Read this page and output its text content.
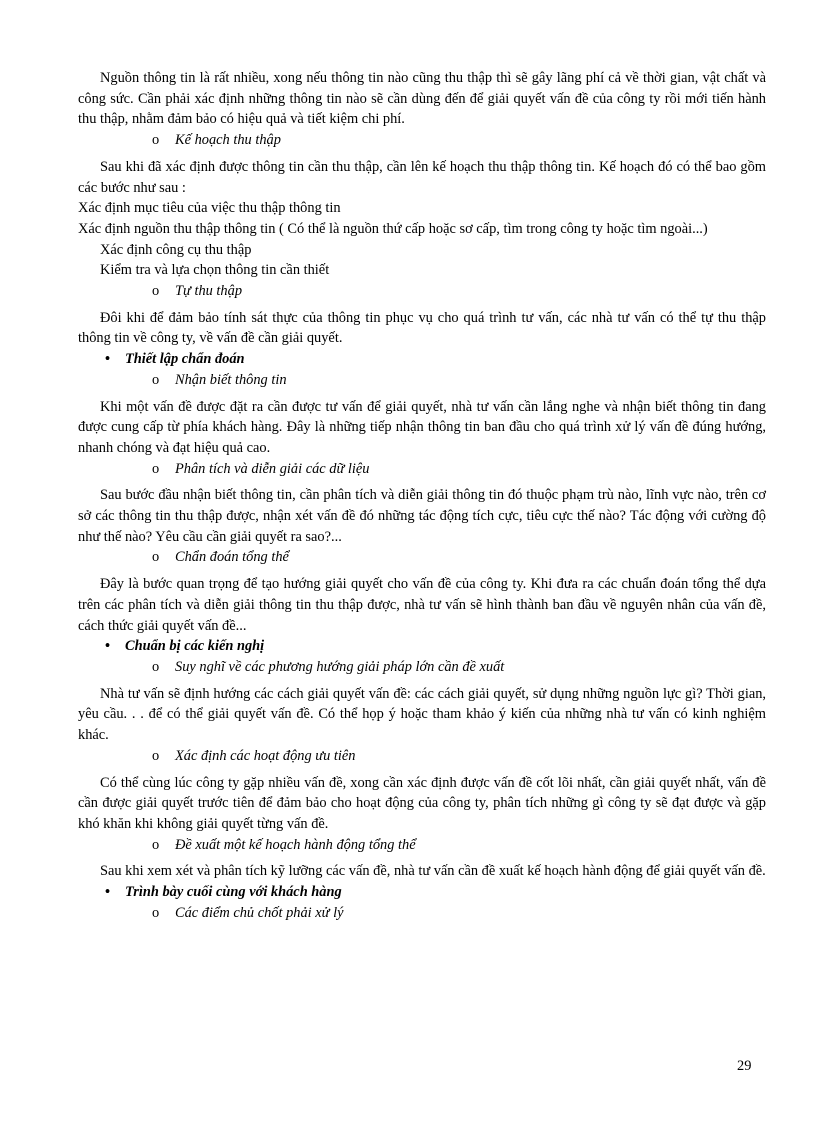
Nguồn thông tin là rất nhiều, xong nếu thông tin nào cũng thu thập thì sẽ gây lãng phí cả về thời gian, vật chất và công sức. Cần phải xác định những thông tin nào sẽ cần dùng đến để giải quyết vấn đề của công ty rồi mới tiến hành thu thập, nhằm đảm bảo có hiệu quả và tiết kiệm chi phí.

o Kế hoạch thu thập

Sau khi đã xác định được thông tin cần thu thập, cần lên kế hoạch thu thập thông tin. Kế hoạch đó có thể bao gồm các bước như sau :

Xác định mục tiêu của việc thu thập thông tin

Xác định nguồn thu thập thông tin ( Có thể là nguồn thứ cấp hoặc sơ cấp, tìm trong công ty hoặc tìm ngoài...)

Xác định công cụ thu thập
Kiểm tra và lựa chọn thông tin cần thiết
o Tự thu thập

Đôi khi để đảm bảo tính sát thực của thông tin phục vụ cho quá trình tư vấn, các nhà tư vấn có thể tự thu thập thông tin về công ty, về vấn đề cần giải quyết.

• Thiết lập chẩn đoán
o Nhận biết thông tin

Khi một vấn đề được đặt ra cần được tư vấn để giải quyết, nhà tư vấn cần lắng nghe và nhận biết thông tin đang được cung cấp từ phía khách hàng. Đây là những tiếp nhận thông tin ban đầu cho quá trình xử lý vấn đề đúng hướng, nhanh chóng và đạt hiệu quả cao.

o Phân tích và diễn giải các dữ liệu

Sau bước đầu nhận biết thông tin, cần phân tích và diễn giải thông tin đó thuộc phạm trù nào, lĩnh vực nào, trên cơ sở các thông tin thu thập được, nhận xét vấn đề đó những tác động tích cực, tiêu cực thế nào? Tác động với cường độ như thế nào? Yêu cầu cần giải quyết ra sao?...

o Chẩn đoán tổng thể

Đây là bước quan trọng để tạo hướng giải quyết cho vấn đề của công ty. Khi đưa ra các chuẩn đoán tổng thể dựa trên các phân tích và diễn giải thông tin thu thập được, nhà tư vấn sẽ hình thành ban đầu về nguyên nhân của vấn đề, cách thức giải quyết vấn đề...

• Chuẩn bị các kiến nghị
o Suy nghĩ về các phương hướng giải pháp lớn cần đề xuất

Nhà tư vấn sẽ định hướng các cách giải quyết vấn đề: các cách giải quyết, sử dụng những nguồn lực gì? Thời gian, yêu cầu. . . để có thể giải quyết vấn đề. Có thể họp ý hoặc tham khảo ý kiến của những nhà tư vấn có kinh nghiệm khác.

o Xác định các hoạt động ưu tiên

Có thể cùng lúc công ty gặp nhiều vấn đề, xong cần xác định được vấn đề cốt lõi nhất, cần giải quyết nhất, vấn đề cần được giải quyết trước tiên để đảm bảo cho hoạt động của công ty, phân tích những gì công ty sẽ đạt được và gặp khó khăn khi không giải quyết từng vấn đề.

o Đề xuất một kế hoạch hành động tổng thể

Sau khi xem xét và phân tích kỹ lưỡng các vấn đề, nhà tư vấn cần đề xuất kế hoạch hành động để giải quyết vấn đề.

• Trình bày cuối cùng với khách hàng
o Các điểm chủ chốt phải xử lý
29
